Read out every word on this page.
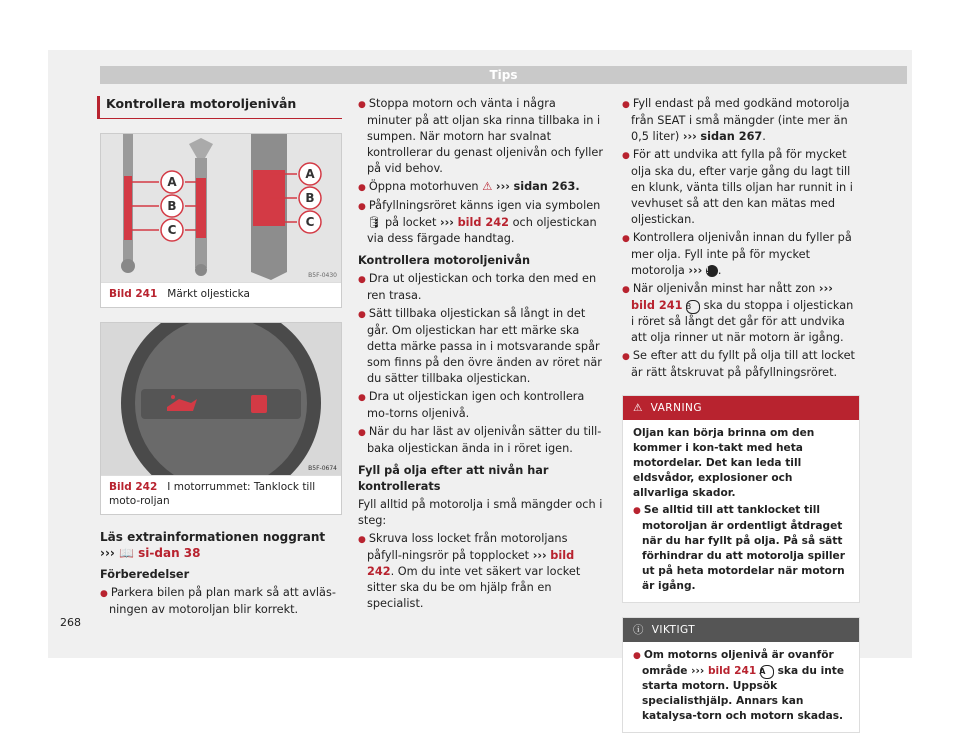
Tips
Kontrollera motoroljenivån
A
B
C
A
B
C
B5F-0430
Bild 241 Märkt oljesticka
B5F-0674
Bild 242 I motorrummet: Tanklock till moto-roljan

Läs extrainformationen noggrant ››› 📖 si-dan 38

Förberedelser

● Parkera bilen på plan mark så att avläs-ningen av motoroljan blir korrekt.

● Stoppa motorn och vänta i några minuter på att oljan ska rinna tillbaka in i sumpen. När motorn har svalnat kontrollerar du genast oljenivån och fyller på vid behov.

● Öppna motorhuven ⚠ ››› sidan 263.

● Påfyllningsröret känns igen via symbolen 🛢 på locket ››› bild 242 och oljestickan via dess färgade handtag.

Kontrollera motoroljenivån

● Dra ut oljestickan och torka den med en ren trasa.

● Sätt tillbaka oljestickan så långt in det går. Om oljestickan har ett märke ska detta märke passa in i motsvarande spår som finns på den övre änden av röret när du sätter tillbaka oljestickan.

● Dra ut oljestickan igen och kontrollera mo-torns oljenivå.

● När du har läst av oljenivån sätter du till-baka oljestickan ända in i röret igen.

Fyll på olja efter att nivån har kontrollerats

Fyll alltid på motorolja i små mängder och i steg:

● Skruva loss locket från motoroljans påfyll-ningsrör på topplocket ››› bild 242. Om du inte vet säkert var locket sitter ska du be om hjälp från en specialist.

● Fyll endast på med godkänd motorolja från SEAT i små mängder (inte mer än 0,5 liter) ››› sidan 267.

● För att undvika att fylla på för mycket olja ska du, efter varje gång du lagt till en klunk, vänta tills oljan har runnit in i vevhuset så att den kan mätas med oljestickan.

● Kontrollera oljenivån innan du fyller på mer olja. Fyll inte på för mycket motorolja ››› ! .

● När oljenivån minst har nått zon ››› bild 241 B ska du stoppa i oljestickan i röret så långt det går för att undvika att olja rinner ut när motorn är igång.

● Se efter att du fyllt på olja till att locket är rätt åtskruvat på påfyllningsröret.

⚠ VARNING

Oljan kan börja brinna om den kommer i kon-takt med heta motordelar. Det kan leda till eldsvådor, explosioner och allvarliga skador.

● Se alltid till att tanklocket till motoroljan är ordentligt åtdraget när du har fyllt på olja. På så sätt förhindrar du att motorolja spiller ut på heta motordelar när motorn är igång.

ⓘ VIKTIGT

● Om motorns oljenivå är ovanför område ››› bild 241 A ska du inte starta motorn. Uppsök specialisthjälp. Annars kan katalysa-torn och motorn skadas.

268
